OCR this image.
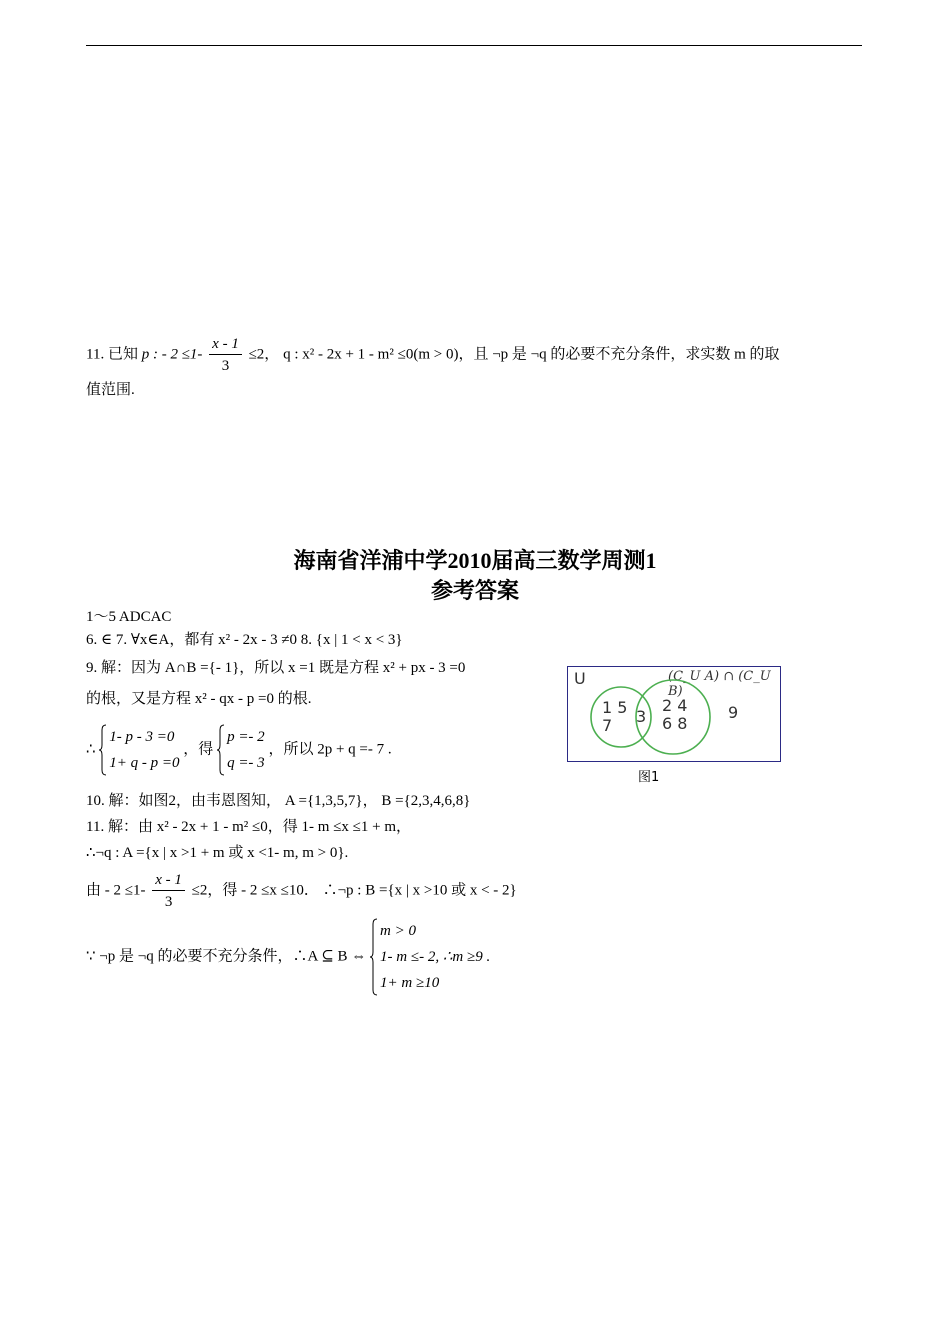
11. 已知 p : - $2 \le 1- \frac{x - 1}{3} \le 2$， q : x² - 2x + 1 - m² ≤0(m > 0)，且 ¬p 是 ¬q 的必要不充分条件，求实数 m 的取
值范围.
海南省洋浦中学2010届高三数学周测1
参考答案
1～5 ADCAC
6. ∈ 7. ∀x∈A，都有 x² - 2x - 3 ≠0 8. {x | 1 < x < 3}
9. 解：因为 A∩B ={- 1}，所以 x =1 既是方程 x² + px - 3 =0
的根，又是方程 x² - qx - p =0 的根.
∴
1- p - 3 =0
1+ q - p =0
，得
p =- 2
q =- 3
，所以 2p + q =- 7 .
10. 解：如图2，由韦恩图知， A ={1,3,5,7}， B ={2,3,4,6,8}
11. 解：由 x² - 2x + 1 - m² ≤0，得 1- m ≤x ≤1 + m，
∴¬q : A ={x | x >1 + m 或 x <1- m, m > 0}.
由 - $2 \le 1- \frac{x - 1}{3} \le 2$，得 - 2 ≤x ≤10． ∴¬p : B ={x | x >10 或 x < - 2}
∵ ¬p 是 ¬q 的必要不充分条件，∴A ⊆ B ⇔
m > 0
1- m ≤- 2, ∴m ≥9 .
1+ m ≥10
U	(C_U A) ∩ (C_U B)
1 5
7	3
2 4
6 8
9
图1
